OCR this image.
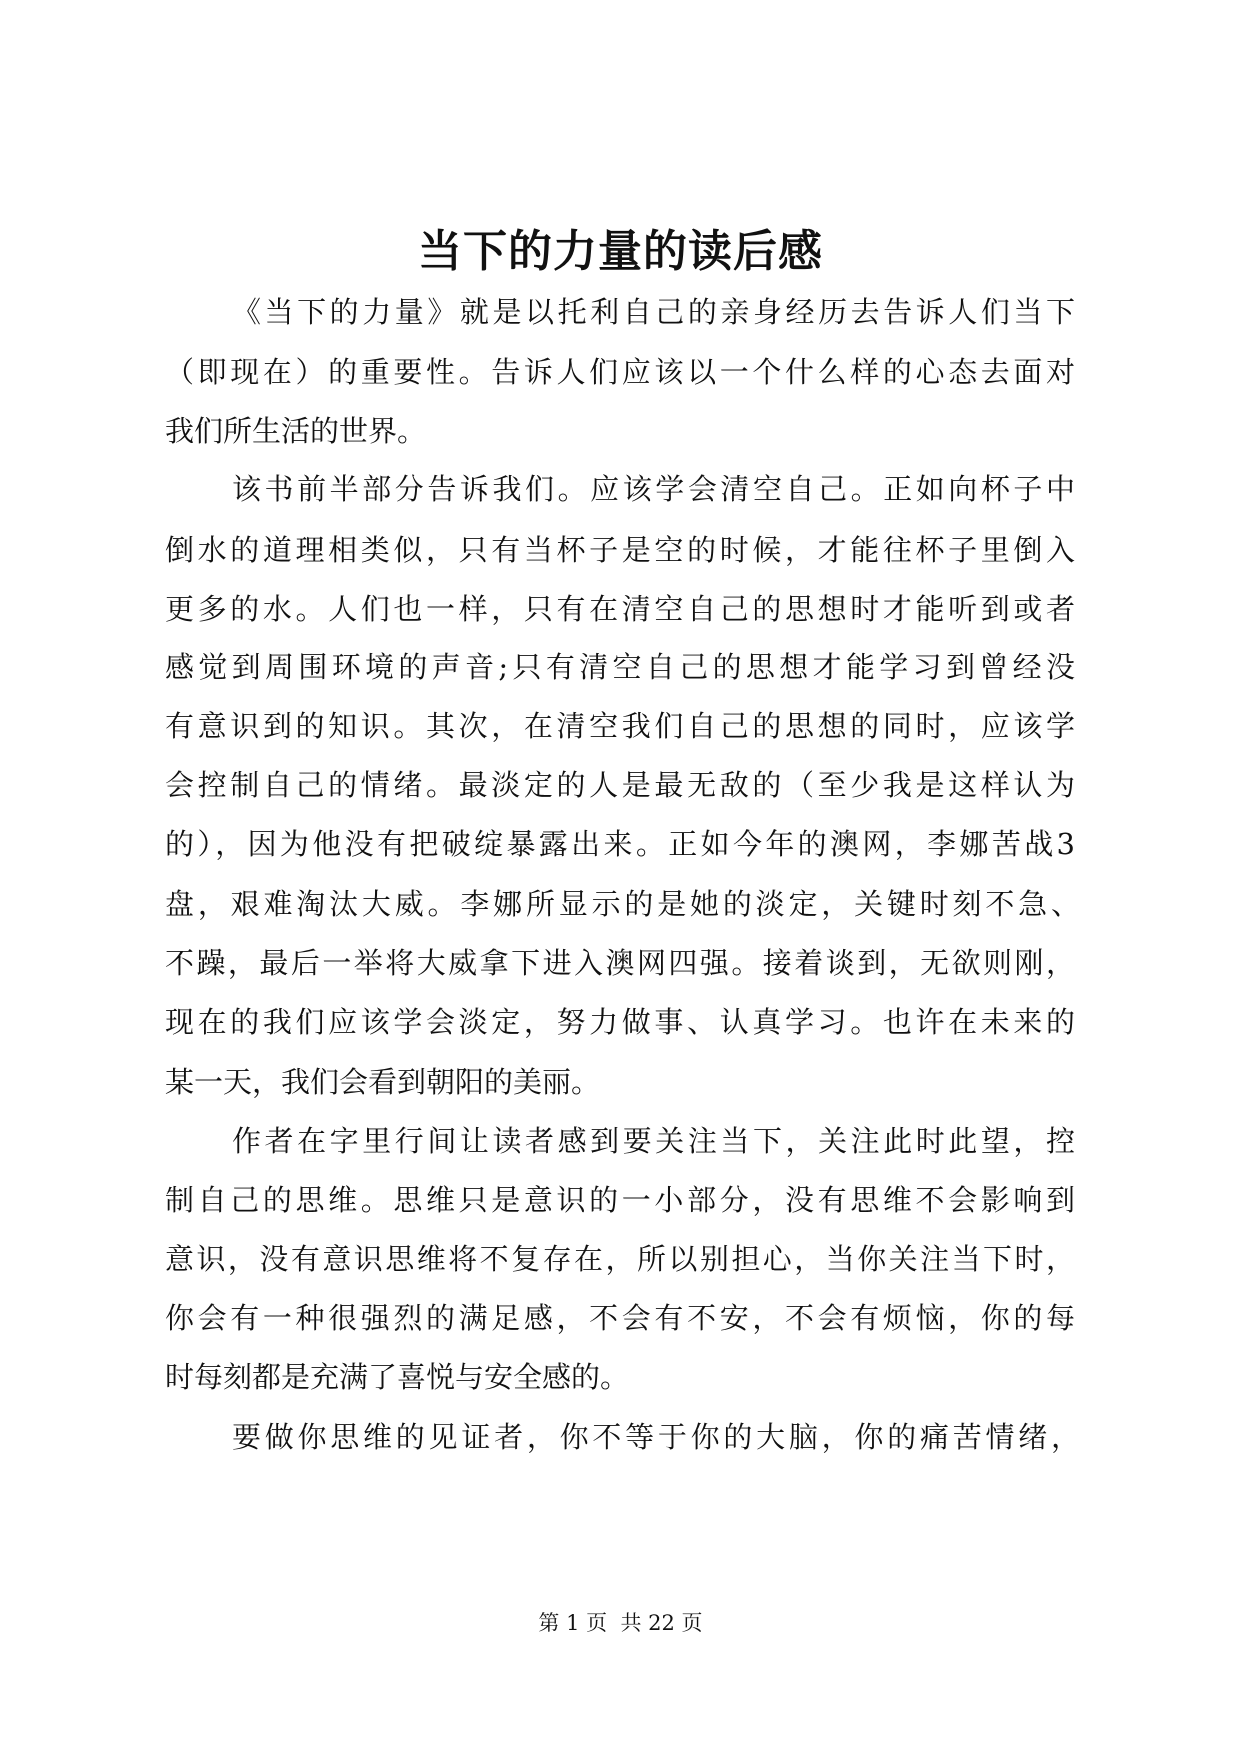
当下的力量的读后感
《当下的力量》就是以托利自己的亲身经历去告诉人们当下
（即现在）的重要性。告诉人们应该以一个什么样的心态去面对
我们所生活的世界。
该书前半部分告诉我们。应该学会清空自己。正如向杯子中
倒水的道理相类似，只有当杯子是空的时候，才能往杯子里倒入
更多的水。人们也一样，只有在清空自己的思想时才能听到或者
感觉到周围环境的声音;只有清空自己的思想才能学习到曾经没
有意识到的知识。其次，在清空我们自己的思想的同时，应该学
会控制自己的情绪。最淡定的人是最无敌的（至少我是这样认为
的），因为他没有把破绽暴露出来。正如今年的澳网，李娜苦战3
盘，艰难淘汰大威。李娜所显示的是她的淡定，关键时刻不急、
不躁，最后一举将大威拿下进入澳网四强。接着谈到，无欲则刚，
现在的我们应该学会淡定，努力做事、认真学习。也许在未来的
某一天，我们会看到朝阳的美丽。
作者在字里行间让读者感到要关注当下，关注此时此望，控
制自己的思维。思维只是意识的一小部分，没有思维不会影响到
意识，没有意识思维将不复存在，所以别担心，当你关注当下时，
你会有一种很强烈的满足感，不会有不安，不会有烦恼，你的每
时每刻都是充满了喜悦与安全感的。
要做你思维的见证者，你不等于你的大脑，你的痛苦情绪，
第 1 页  共 22 页
